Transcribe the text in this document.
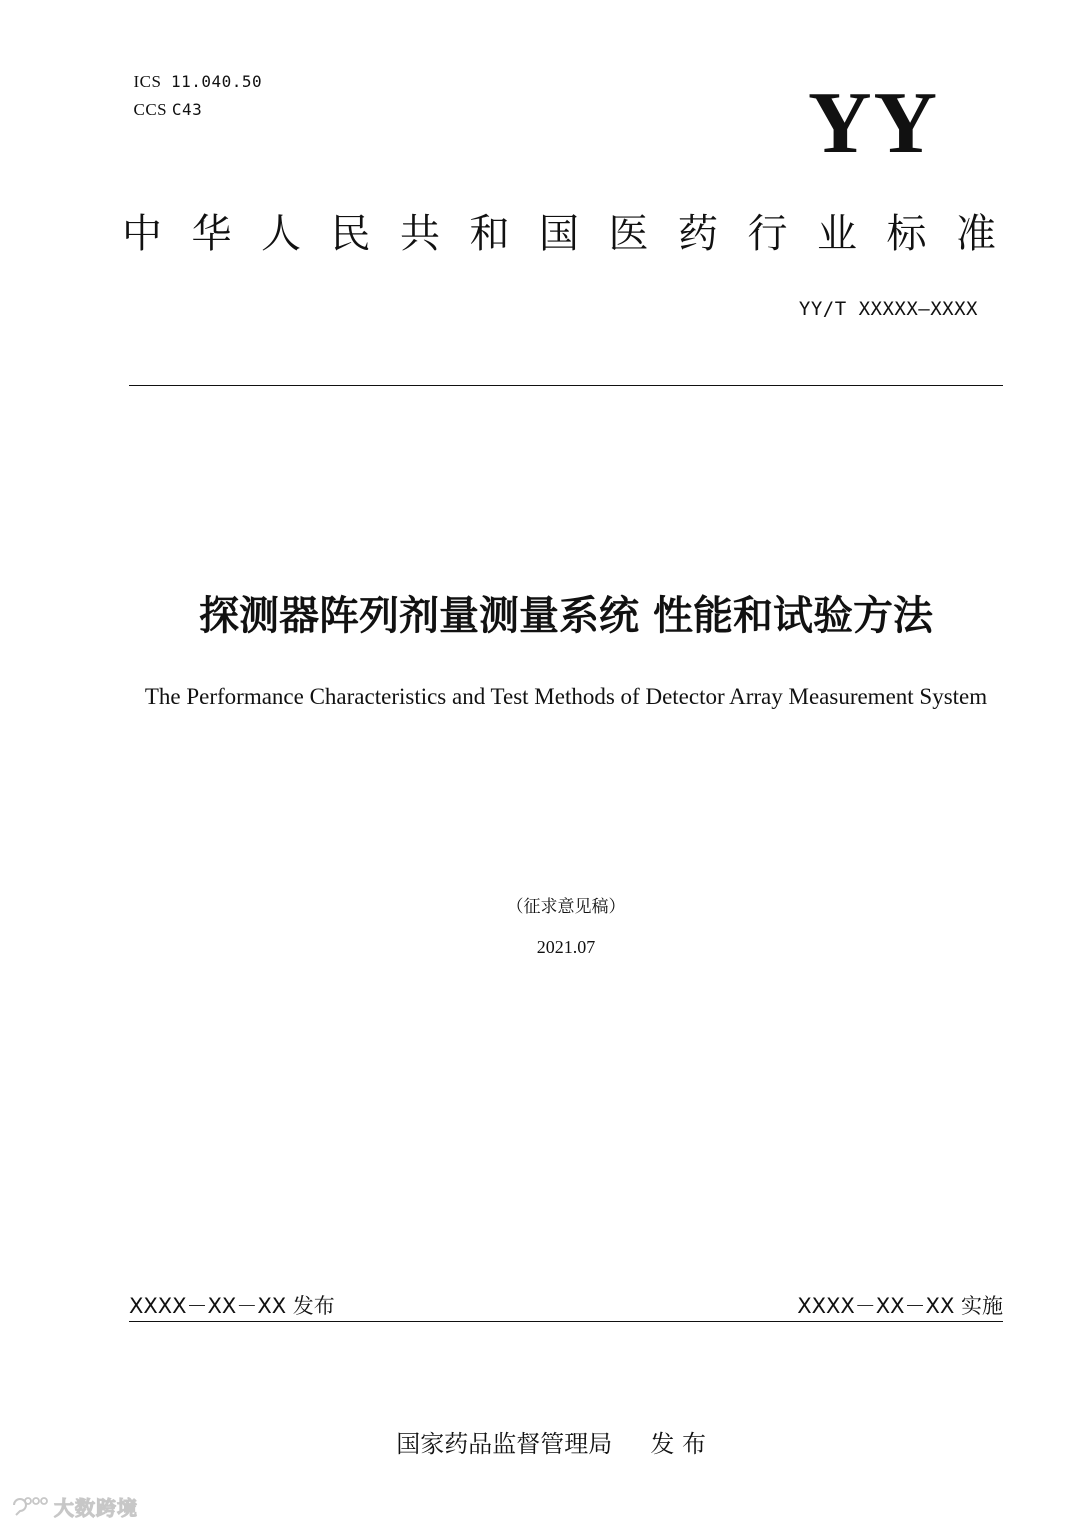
ICS 11.040.50

CCS C43	YY
中华人民共和国医药行业标准
YY/T XXXXX—XXXX
探测器阵列剂量测量系统 性能和试验方法
The Performance Characteristics and Test Methods of Detector Array Measurement System
（征求意见稿）
2021.07
XXXX－XX－XX 发布	XXXX－XX－XX 实施

国家药品监督管理局 发 布

大数跨境
